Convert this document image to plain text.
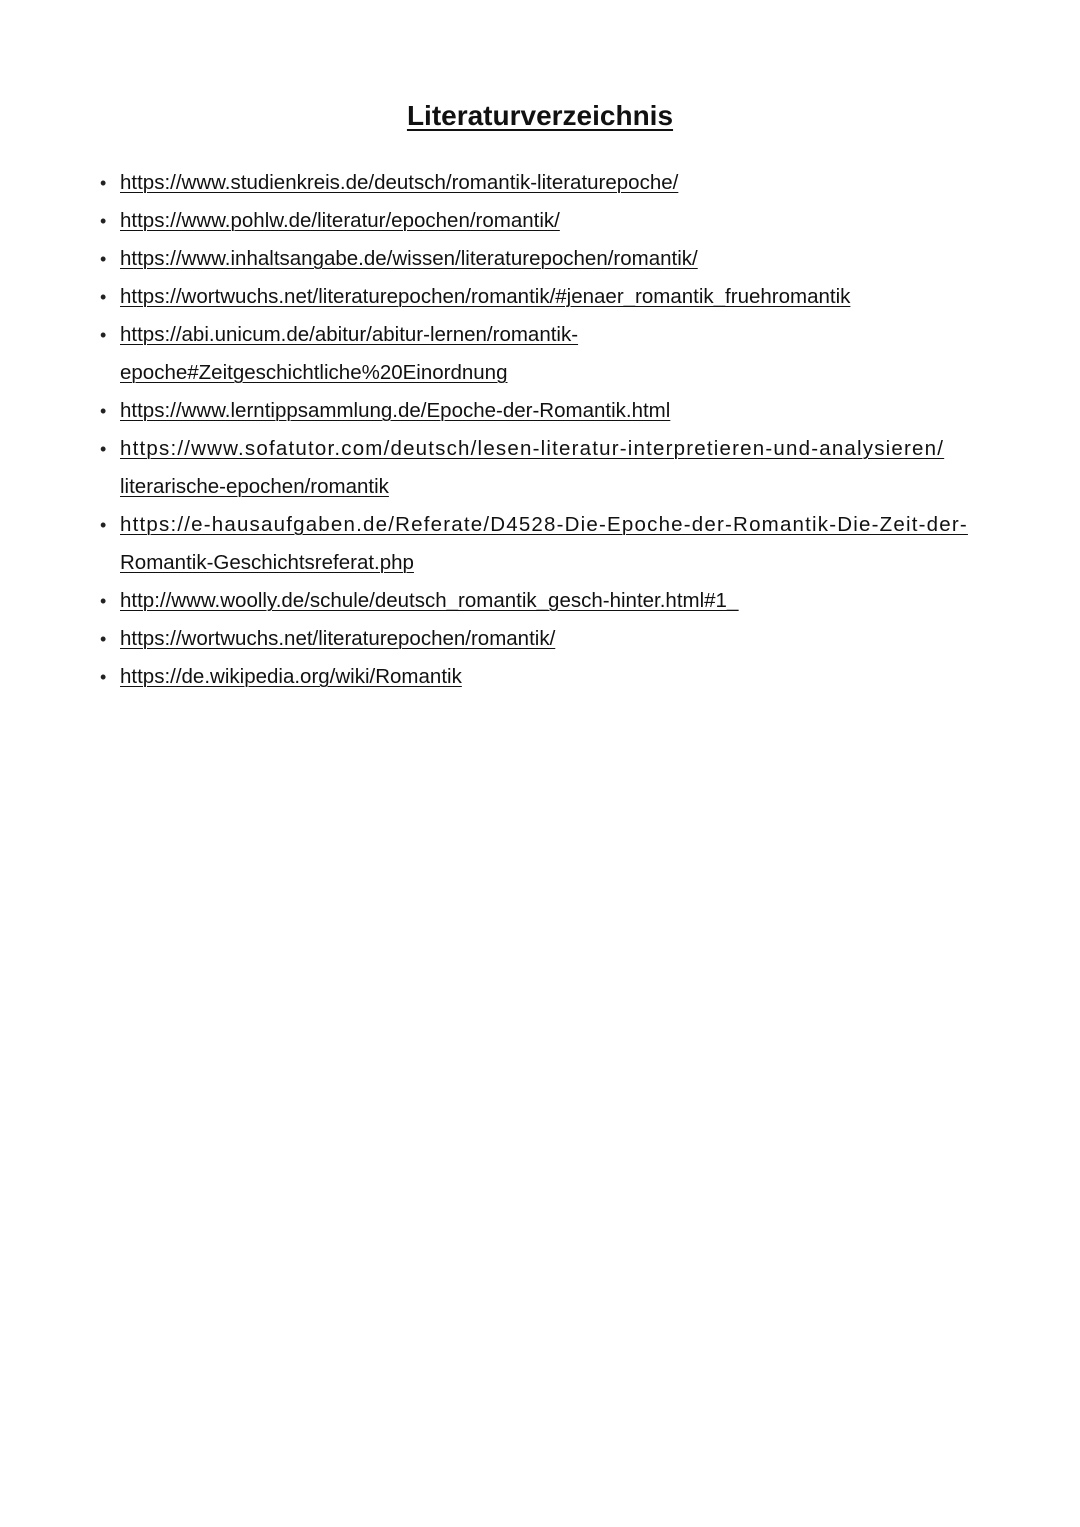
Literaturverzeichnis
• https://www.studienkreis.de/deutsch/romantik-literaturepoche/
• https://www.pohlw.de/literatur/epochen/romantik/
• https://www.inhaltsangabe.de/wissen/literaturepochen/romantik/
• https://wortwuchs.net/literaturepochen/romantik/#jenaer_romantik_fruehromantik
• https://abi.unicum.de/abitur/abitur-lernen/romantik-
epoche#Zeitgeschichtliche%20Einordnung
• https://www.lerntippsammlung.de/Epoche-der-Romantik.html
• https://www.sofatutor.com/deutsch/lesen-literatur-interpretieren-und-analysieren/
literarische-epochen/romantik
• https://e-hausaufgaben.de/Referate/D4528-Die-Epoche-der-Romantik-Die-Zeit-der-
Romantik-Geschichtsreferat.php
• http://www.woolly.de/schule/deutsch_romantik_gesch-hinter.html#1_
• https://wortwuchs.net/literaturepochen/romantik/
• https://de.wikipedia.org/wiki/Romantik
